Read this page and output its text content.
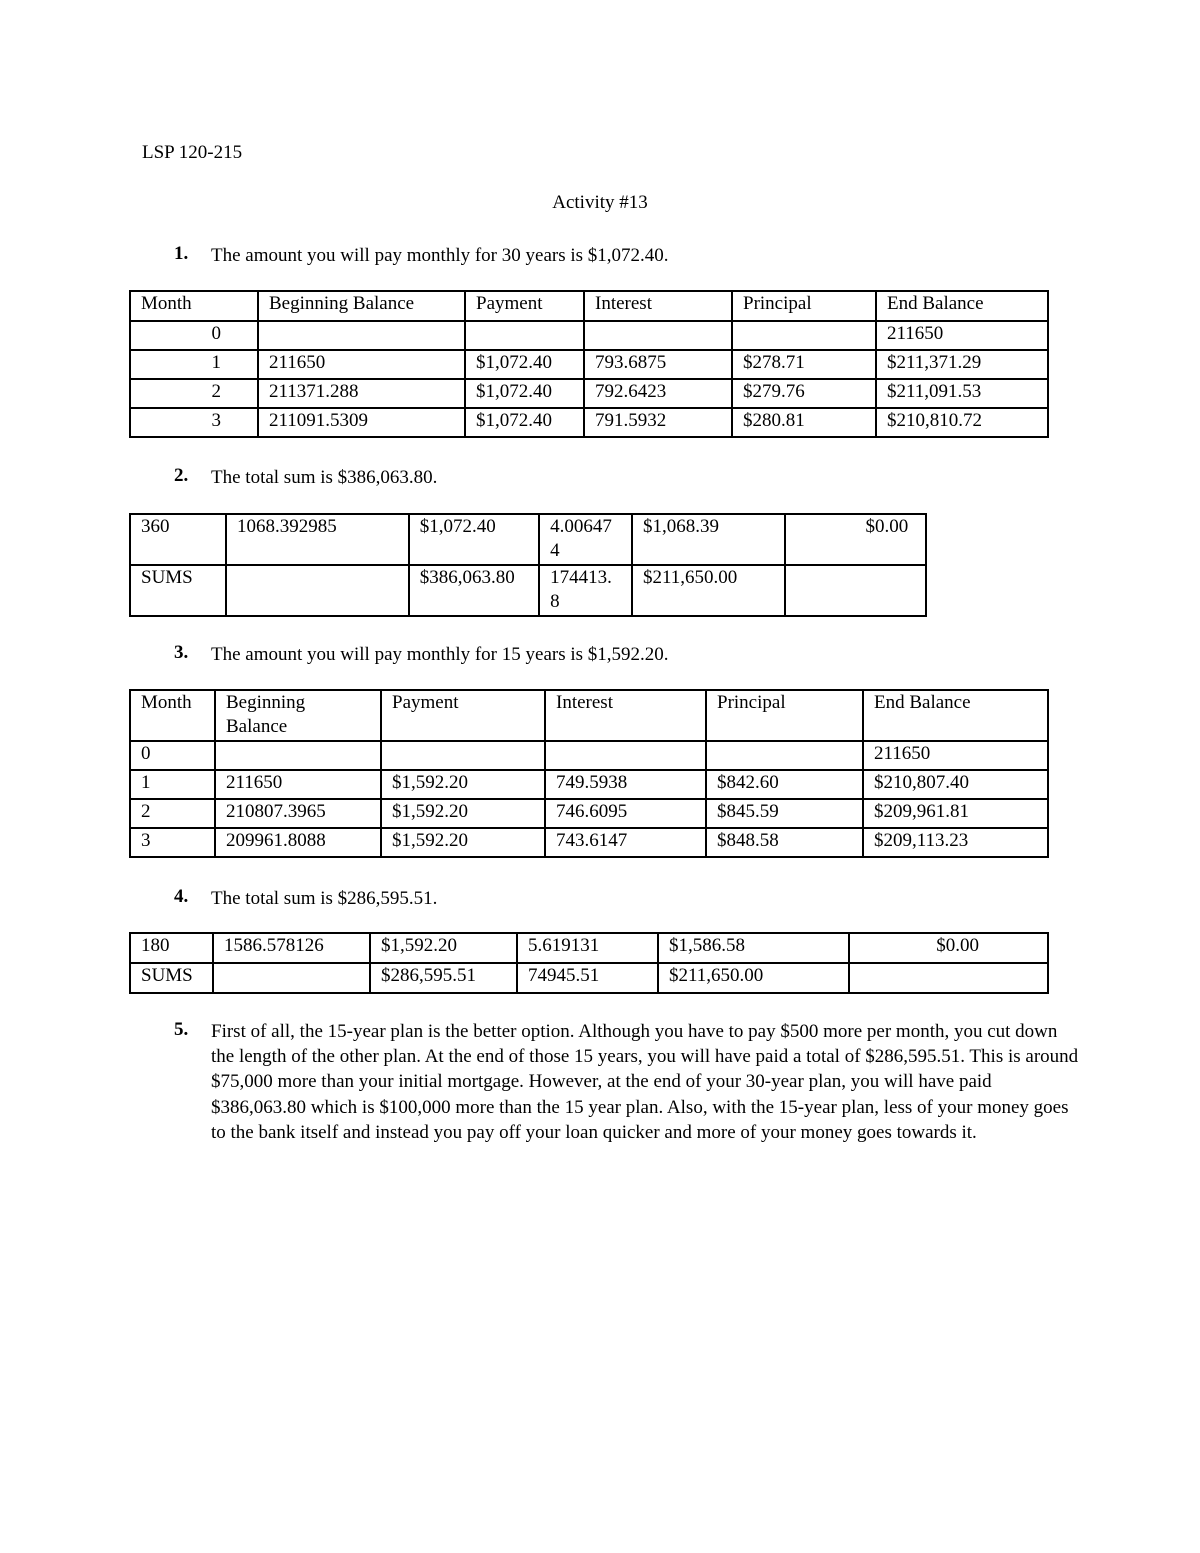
LSP 120-215
Activity #13
1.	The amount you will pay monthly for 30 years is $1,072.40.
Month	Beginning Balance	Payment	Interest	Principal	End Balance
0					211650
1	211650	$1,072.40	793.6875	$278.71	$211,371.29
2	211371.288	$1,072.40	792.6423	$279.76	$211,091.53
3	211091.5309	$1,072.40	791.5932	$280.81	$210,810.72
2.	The total sum is $386,063.80.
360	1068.392985	$1,072.40	4.006474	$1,068.39	$0.00
SUMS		$386,063.80	174413.8	$211,650.00	
3.	The amount you will pay monthly for 15 years is $1,592.20.
Month	Beginning Balance	Payment	Interest	Principal	End Balance
0					211650
1	211650	$1,592.20	749.5938	$842.60	$210,807.40
2	210807.3965	$1,592.20	746.6095	$845.59	$209,961.81
3	209961.8088	$1,592.20	743.6147	$848.58	$209,113.23
4.	The total sum is $286,595.51.
180	1586.578126	$1,592.20	5.619131	$1,586.58	$0.00
SUMS		$286,595.51	74945.51	$211,650.00	
5.	First of all, the 15-year plan is the better option. Although you have to pay $500 more per month, you cut down the length of the other plan. At the end of those 15 years, you will have paid a total of $286,595.51. This is around $75,000 more than your initial mortgage. However, at the end of your 30-year plan, you will have paid $386,063.80 which is $100,000 more than the 15 year plan. Also, with the 15-year plan, less of your money goes to the bank itself and instead you pay off your loan quicker and more of your money goes towards it.
